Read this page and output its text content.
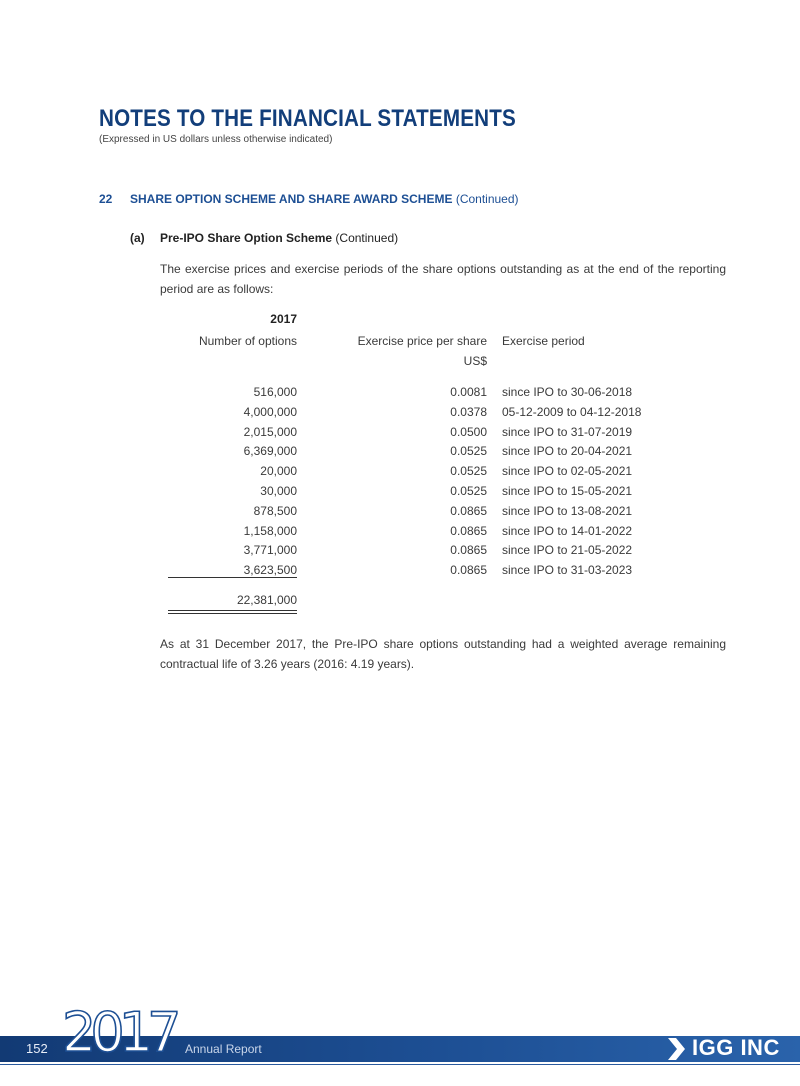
NOTES TO THE FINANCIAL STATEMENTS
(Expressed in US dollars unless otherwise indicated)
22 SHARE OPTION SCHEME AND SHARE AWARD SCHEME (Continued)
(a) Pre-IPO Share Option Scheme (Continued)
The exercise prices and exercise periods of the share options outstanding as at the end of the reporting period are as follows:
2017
Number of options	Exercise price per share
US$
Exercise period
516,000	0.0081 since IPO to 30-06-2018
4,000,000	0.0378 05-12-2009 to 04-12-2018
2,015,000	0.0500 since IPO to 31-07-2019
6,369,000	0.0525 since IPO to 20-04-2021
20,000	0.0525 since IPO to 02-05-2021
30,000	0.0525 since IPO to 15-05-2021
878,500	0.0865 since IPO to 13-08-2021
1,158,000	0.0865 since IPO to 14-01-2022
3,771,000	0.0865 since IPO to 21-05-2022
3,623,500	0.0865 since IPO to 31-03-2023
22,381,000
As at 31 December 2017, the Pre-IPO share options outstanding had a weighted average remaining contractual life of 3.26 years (2016: 4.19 years).
152 2017 Annual Report	IGG INC
